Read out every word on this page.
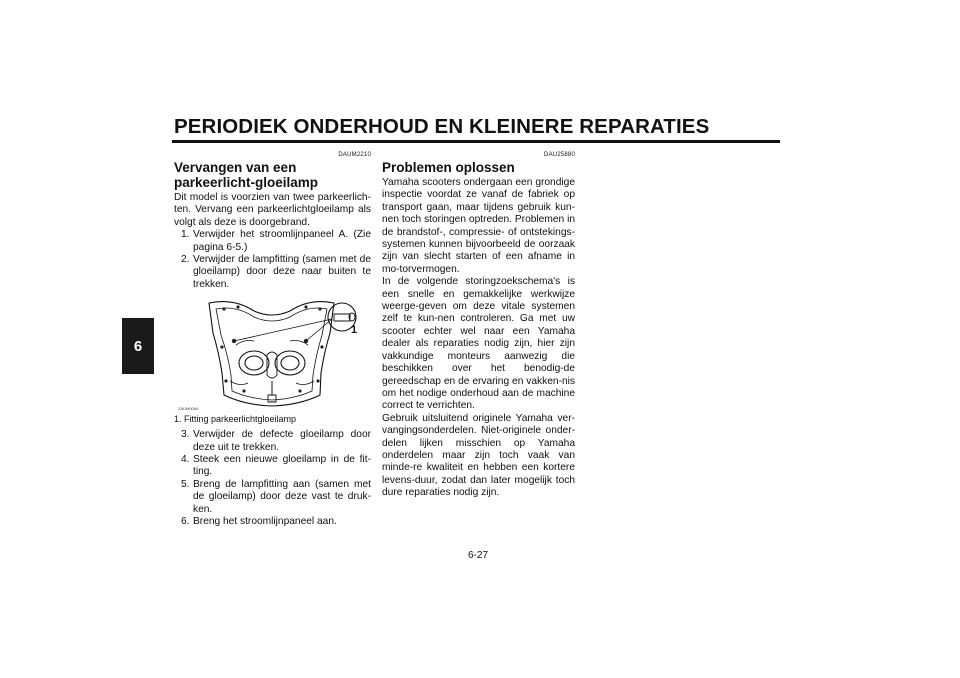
PERIODIEK ONDERHOUD EN KLEINERE REPARATIES
6
DAUM2210
Vervangen van een parkeerlicht-gloeilamp

Dit model is voorzien van twee parkeerlich-ten. Vervang een parkeerlichtgloeilamp als volgt als deze is doorgebrand.

1. Verwijder het stroomlijnpaneel A. (Zie pagina 6-5.)
2. Verwijder de lampfitting (samen met de gloeilamp) door deze naar buiten te trekken.
1
ZAUM0060
1. Fitting parkeerlichtgloeilamp
3. Verwijder de defecte gloeilamp door deze uit te trekken.
4. Steek een nieuwe gloeilamp in de fit-ting.
5. Breng de lampfitting aan (samen met de gloeilamp) door deze vast te druk-ken.
6. Breng het stroomlijnpaneel aan.
DAU25880
Problemen oplossen

Yamaha scooters ondergaan een grondige inspectie voordat ze vanaf de fabriek op transport gaan, maar tijdens gebruik kun-nen toch storingen optreden. Problemen in de brandstof-, compressie- of ontstekings-systemen kunnen bijvoorbeeld de oorzaak zijn van slecht starten of een afname in mo-torvermogen.

In de volgende storingzoekschema's is een snelle en gemakkelijke werkwijze weerge-geven om deze vitale systemen zelf te kun-nen controleren. Ga met uw scooter echter wel naar een Yamaha dealer als reparaties nodig zijn, hier zijn vakkundige monteurs aanwezig die beschikken over het benodig-de gereedschap en de ervaring en vakken-nis om het nodige onderhoud aan de machine correct te verrichten.

Gebruik uitsluitend originele Yamaha ver-vangingsonderdelen. Niet-originele onder-delen lijken misschien op Yamaha onderdelen maar zijn toch vaak van minde-re kwaliteit en hebben een kortere levens-duur, zodat dan later mogelijk toch dure reparaties nodig zijn.

6-27
